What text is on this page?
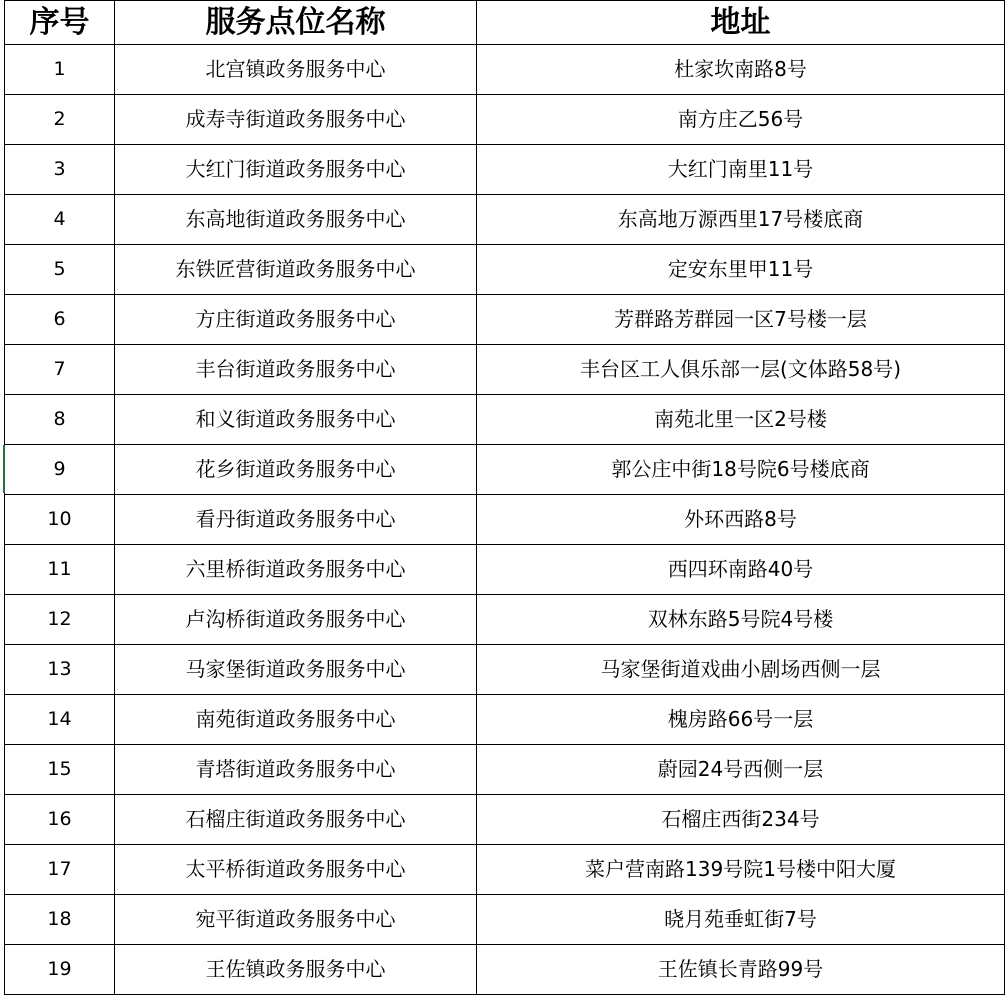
序号	服务点位名称	地址
1	北宫镇政务服务中心	杜家坎南路8号
2	成寿寺街道政务服务中心	南方庄乙56号
3	大红门街道政务服务中心	大红门南里11号
4	东高地街道政务服务中心	东高地万源西里17号楼底商
5	东铁匠营街道政务服务中心	定安东里甲11号
6	方庄街道政务服务中心	芳群路芳群园一区7号楼一层
7	丰台街道政务服务中心	丰台区工人俱乐部一层(文体路58号)
8	和义街道政务服务中心	南苑北里一区2号楼
9	花乡街道政务服务中心	郭公庄中街18号院6号楼底商
10	看丹街道政务服务中心	外环西路8号
11	六里桥街道政务服务中心	西四环南路40号
12	卢沟桥街道政务服务中心	双林东路5号院4号楼
13	马家堡街道政务服务中心	马家堡街道戏曲小剧场西侧一层
14	南苑街道政务服务中心	槐房路66号一层
15	青塔街道政务服务中心	蔚园24号西侧一层
16	石榴庄街道政务服务中心	石榴庄西街234号
17	太平桥街道政务服务中心	菜户营南路139号院1号楼中阳大厦
18	宛平街道政务服务中心	晓月苑垂虹街7号
19	王佐镇政务服务中心	王佐镇长青路99号
